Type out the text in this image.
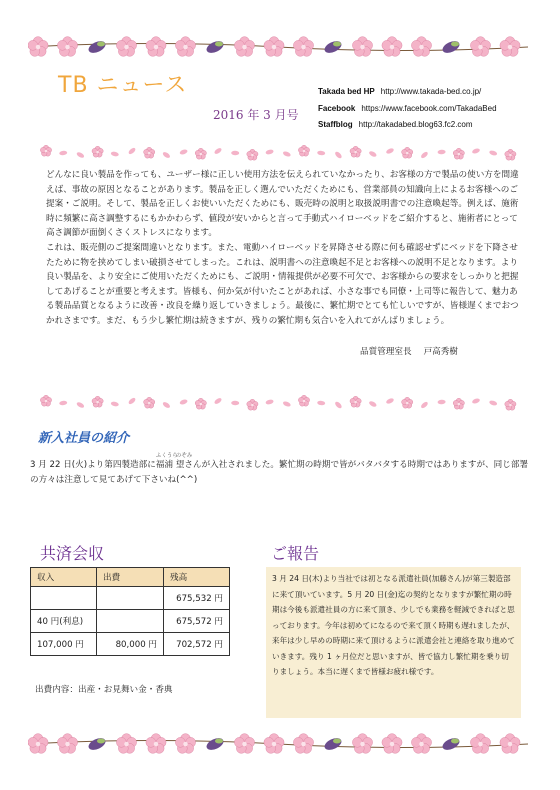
TB ニュース
2016 年 3 月号
Takada bed HP http://www.takada-bed.co.jp/
Facebook https://www.facebook.com/TakadaBed
Staffblog http://takadabed.blog63.fc2.com

どんなに良い製品を作っても、ユーザー様に正しい使用方法を伝えられていなかったり、お客様の方で製品の使い方を間違えば、事故の原因となることがあります。製品を正しく選んでいただくためにも、営業部員の知識向上によるお客様へのご提案・ご説明。そして、製品を正しくお使いいただくためにも、販売時の説明と取扱説明書での注意喚起等。例えば、施術時に頻繁に高さ調整するにもかかわらず、値段が安いからと言って手動式ハイローベッドをご紹介すると、施術者にとって高さ調節が面倒くさくストレスになります。

これは、販売側のご提案間違いとなります。また、電動ハイローベッドを昇降させる際に何も確認せずにベッドを下降させたために物を挟めてしまい破損させてしまった。これは、説明書への注意喚起不足とお客様への説明不足となります。より良い製品を、より安全にご使用いただくためにも、ご説明・情報提供が必要不可欠で、お客様からの要求をしっかりと把握してあげることが重要と考えます。皆様も、何か気が付いたことがあれば、小さな事でも同僚・上司等に報告して、魅力ある製品品質となるように改善・改良を繰り返していきましょう。最後に、繁忙期でとても忙しいですが、皆様遅くまでおつかれさまです。まだ、もう少し繁忙期は続きますが、残りの繁忙期も気合いを入れてがんばりましょう。

品質管理室長 戸高秀樹
新入社員の紹介
3 月 22 日(火)より第四製造部に
ふくうら
福浦
のぞみ
望さんが入社されました。繁忙期の時期で皆がバタバタする時期ではありますが、同じ部署の方々は注意して見てあげて下さいね(^^)
共済会収
収入	出費	残高
		675,532 円
40 円(利息)		675,572 円
107,000 円	80,000 円	702,572 円
出費内容：出産・お見舞い金・香典
ご報告
3 月 24 日(木)より当社では初となる派遣社員(加藤さん)が第三製造部に来て頂いています。5 月 20 日(金)迄の契約となりますが繁忙期の時期は今後も派遣社員の方に来て頂き、少しでも業務を軽減できればと思っております。今年は初めてになるので来て頂く時期も遅れましたが、来年は少し早めの時期に来て頂けるように派遣会社と連絡を取り進めていきます。残り 1 ヶ月位だと思いますが、皆で協力し繁忙期を乗り切りましょう。本当に遅くまで皆様お疲れ様です。
